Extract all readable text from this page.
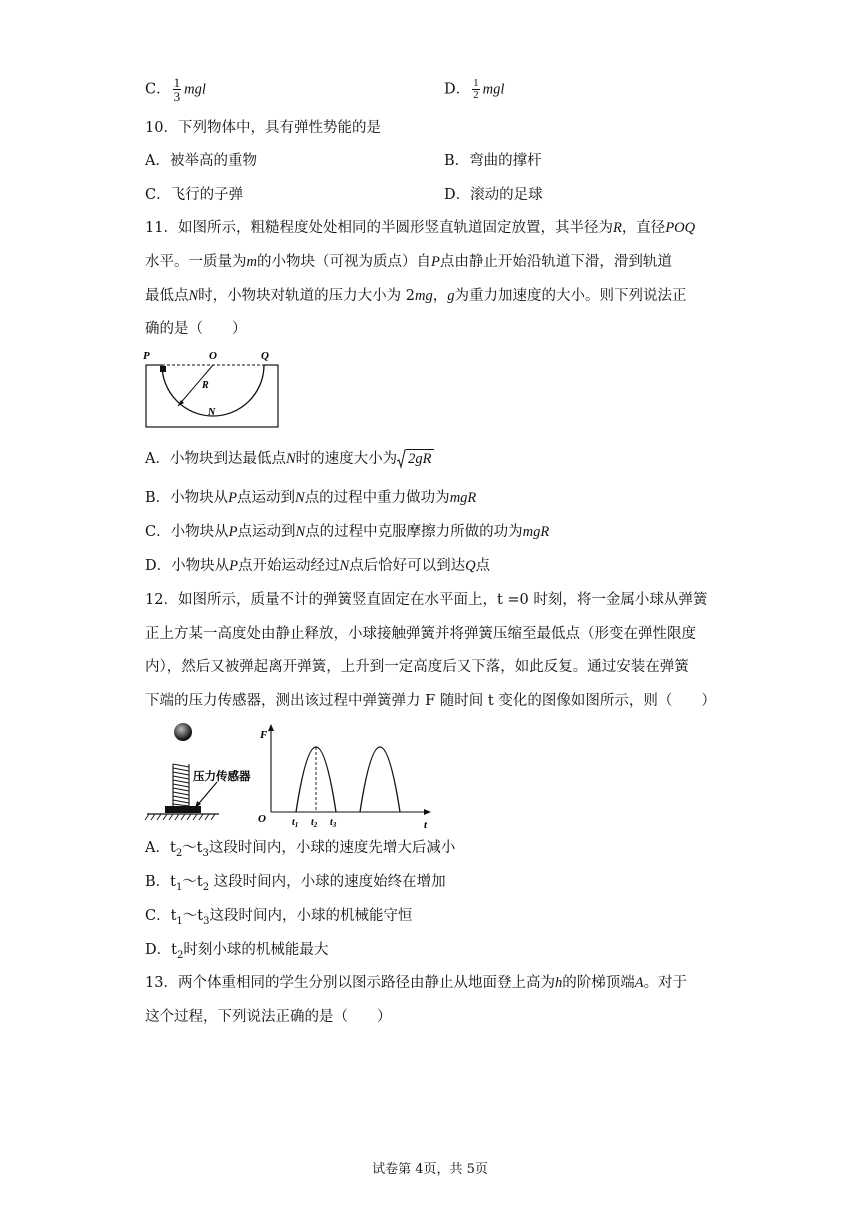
C． $\frac{1}{3}$ mgl	D． $\frac{1}{2}$ mgl
10．下列物体中，具有弹性势能的是
A．被举高的重物	B．弯曲的撑杆
C．飞行的子弹	D．滚动的足球
11．如图所示，粗糙程度处处相同的半圆形竖直轨道固定放置，其半径为R，直径POQ
水平。一质量为m的小物块（可视为质点）自P点由静止开始沿轨道下滑，滑到轨道
最低点N时，小物块对轨道的压力大小为 2mg，g为重力加速度的大小。则下列说法正
确的是（　　）
P	O	Q
R
N
A．小物块到达最低点N时的速度大小为 2gR
B．小物块从P点运动到N点的过程中重力做功为mgR
C．小物块从P点运动到N点的过程中克服摩擦力所做的功为mgR
D．小物块从P点开始运动经过N点后恰好可以到达Q点
12．如图所示，质量不计的弹簧竖直固定在水平面上，t =0 时刻，将一金属小球从弹簧
正上方某一高度处由静止释放，小球接触弹簧并将弹簧压缩至最低点（形变在弹性限度
内），然后又被弹起离开弹簧，上升到一定高度后又下落，如此反复。通过安装在弹簧
下端的压力传感器，测出该过程中弹簧弹力 F 随时间 t 变化的图像如图所示，则（　　）
压力传感器
F
O	t
$t_1$ $t_2$ $t_3$
A．$t_2\sim t_3$这段时间内，小球的速度先增大后减小
B．$t_1\sim t_2$ 这段时间内，小球的速度始终在增加
C．$t_1\sim t_3$这段时间内，小球的机械能守恒
D．$t_2$时刻小球的机械能最大
13．两个体重相同的学生分别以图示路径由静止从地面登上高为h的阶梯顶端A。对于
这个过程，下列说法正确的是（　　）
试卷第 4页，共 5页
